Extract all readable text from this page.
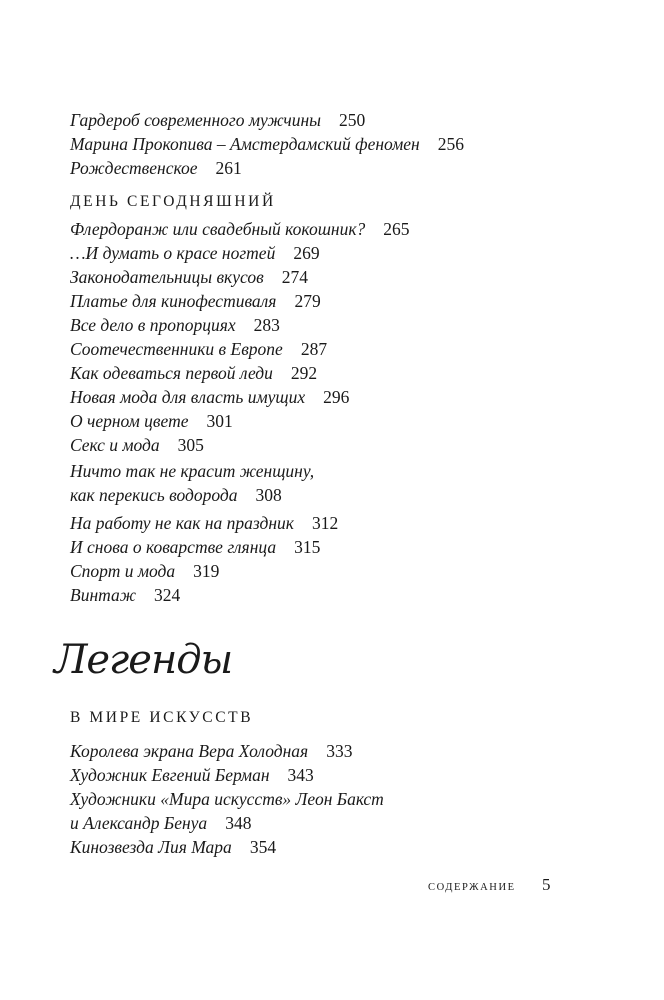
Гардероб современного мужчины 250

Марина Прокопива – Амстердамский феномен 256

Рождественское 261

ДЕНЬ СЕГОДНЯШНИЙ

Флердоранж или свадебный кокошник? 265

…И думать о красе ногтей 269

Законодательницы вкусов 274

Платье для кинофестиваля 279

Все дело в пропорциях 283

Соотечественники в Европе 287

Как одеваться первой леди 292

Новая мода для власть имущих 296

О черном цвете 301

Секс и мода 305

Ничто так не красит женщину,
как перекись водорода 308

На работу не как на праздник 312

И снова о коварстве глянца 315

Спорт и мода 319

Винтаж 324

Легенды
В МИРЕ ИСКУССТВ

Королева экрана Вера Холодная 333

Художник Евгений Берман 343

Художники «Мира искусств» Леон Бакст
и Александр Бенуа 348

Кинозвезда Лия Мара 354

СОДЕРЖАНИЕ 5
